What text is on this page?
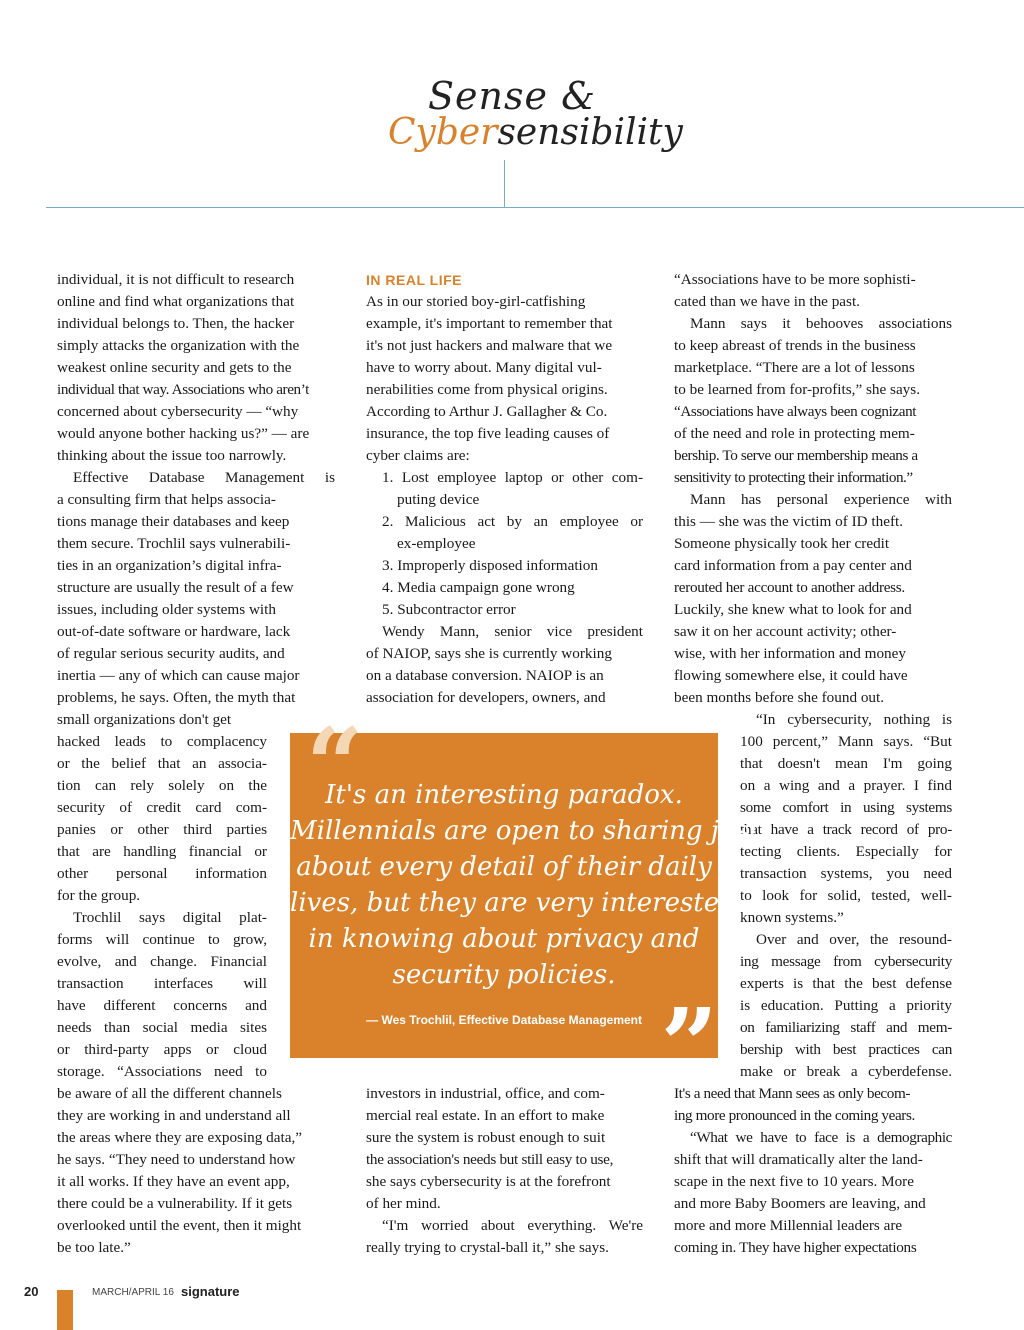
Sense &
Cybersensibility
individual, it is not difficult to research
online and find what organizations that
individual belongs to. Then, the hacker
simply attacks the organization with the
weakest online security and gets to the
individual that way. Associations who aren’t
concerned about cybersecurity — “why
would anyone bother hacking us?” — are
thinking about the issue too narrowly.
Effective Database Management is
a consulting firm that helps associa-
tions manage their databases and keep
them secure. Trochlil says vulnerabili-
ties in an organization’s digital infra-
structure are usually the result of a few
issues, including older systems with
out-of-date software or hardware, lack
of regular serious security audits, and
inertia — any of which can cause major
problems, he says. Often, the myth that
small organizations don't get
hacked leads to complacency
or the belief that an associa-
tion can rely solely on the
security of credit card com-
panies or other third parties
that are handling financial or
other personal information
for the group.
Trochlil says digital plat-
forms will continue to grow,
evolve, and change. Financial
transaction interfaces will
have different concerns and
needs than social media sites
or third-party apps or cloud
storage. “Associations need to
be aware of all the different channels
they are working in and understand all
the areas where they are exposing data,”
he says. “They need to understand how
it all works. If they have an event app,
there could be a vulnerability. If it gets
overlooked until the event, then it might
be too late.”
IN REAL LIFE
As in our storied boy-girl-catfishing
example, it's important to remember that
it's not just hackers and malware that we
have to worry about. Many digital vul-
nerabilities come from physical origins.
According to Arthur J. Gallagher & Co.
insurance, the top five leading causes of
cyber claims are:
1. Lost employee laptop or other com-
puting device
2. Malicious act by an employee or
ex-employee
3. Improperly disposed information
4. Media campaign gone wrong
5. Subcontractor error
Wendy Mann, senior vice president
of NAIOP, says she is currently working
on a database conversion. NAIOP is an
association for developers, owners, and
investors in industrial, office, and com-
mercial real estate. In an effort to make
sure the system is robust enough to suit
the association's needs but still easy to use,
she says cybersecurity is at the forefront
of her mind.
“I'm worried about everything. We're
really trying to crystal-ball it,” she says.
“Associations have to be more sophisti-
cated than we have in the past.
Mann says it behooves associations
to keep abreast of trends in the business
marketplace. “There are a lot of lessons
to be learned from for-profits,” she says.
“Associations have always been cognizant
of the need and role in protecting mem-
bership. To serve our membership means a
sensitivity to protecting their information.”
Mann has personal experience with
this — she was the victim of ID theft.
Someone physically took her credit
card information from a pay center and
rerouted her account to another address.
Luckily, she knew what to look for and
saw it on her account activity; other-
wise, with her information and money
flowing somewhere else, it could have
been months before she found out.
“In cybersecurity, nothing is
100 percent,” Mann says. “But
that doesn't mean I'm going
on a wing and a prayer. I find
some comfort in using systems
that have a track record of pro-
tecting clients. Especially for
transaction systems, you need
to look for solid, tested, well-
known systems.”
Over and over, the resound-
ing message from cybersecurity
experts is that the best defense
is education. Putting a priority
on familiarizing staff and mem-
bership with best practices can
make or break a cyberdefense.
It's a need that Mann sees as only becom-
ing more pronounced in the coming years.
“What we have to face is a demographic
shift that will dramatically alter the land-
scape in the next five to 10 years. More
and more Baby Boomers are leaving, and
more and more Millennial leaders are
coming in. They have higher expectations
“
It's an interesting paradox.
Millennials are open to sharing just
about every detail of their daily
lives, but they are very interested
in knowing about privacy and
security policies.
— Wes Trochlil, Effective Database Management ”
20	MARCH/APRIL 16 signature
